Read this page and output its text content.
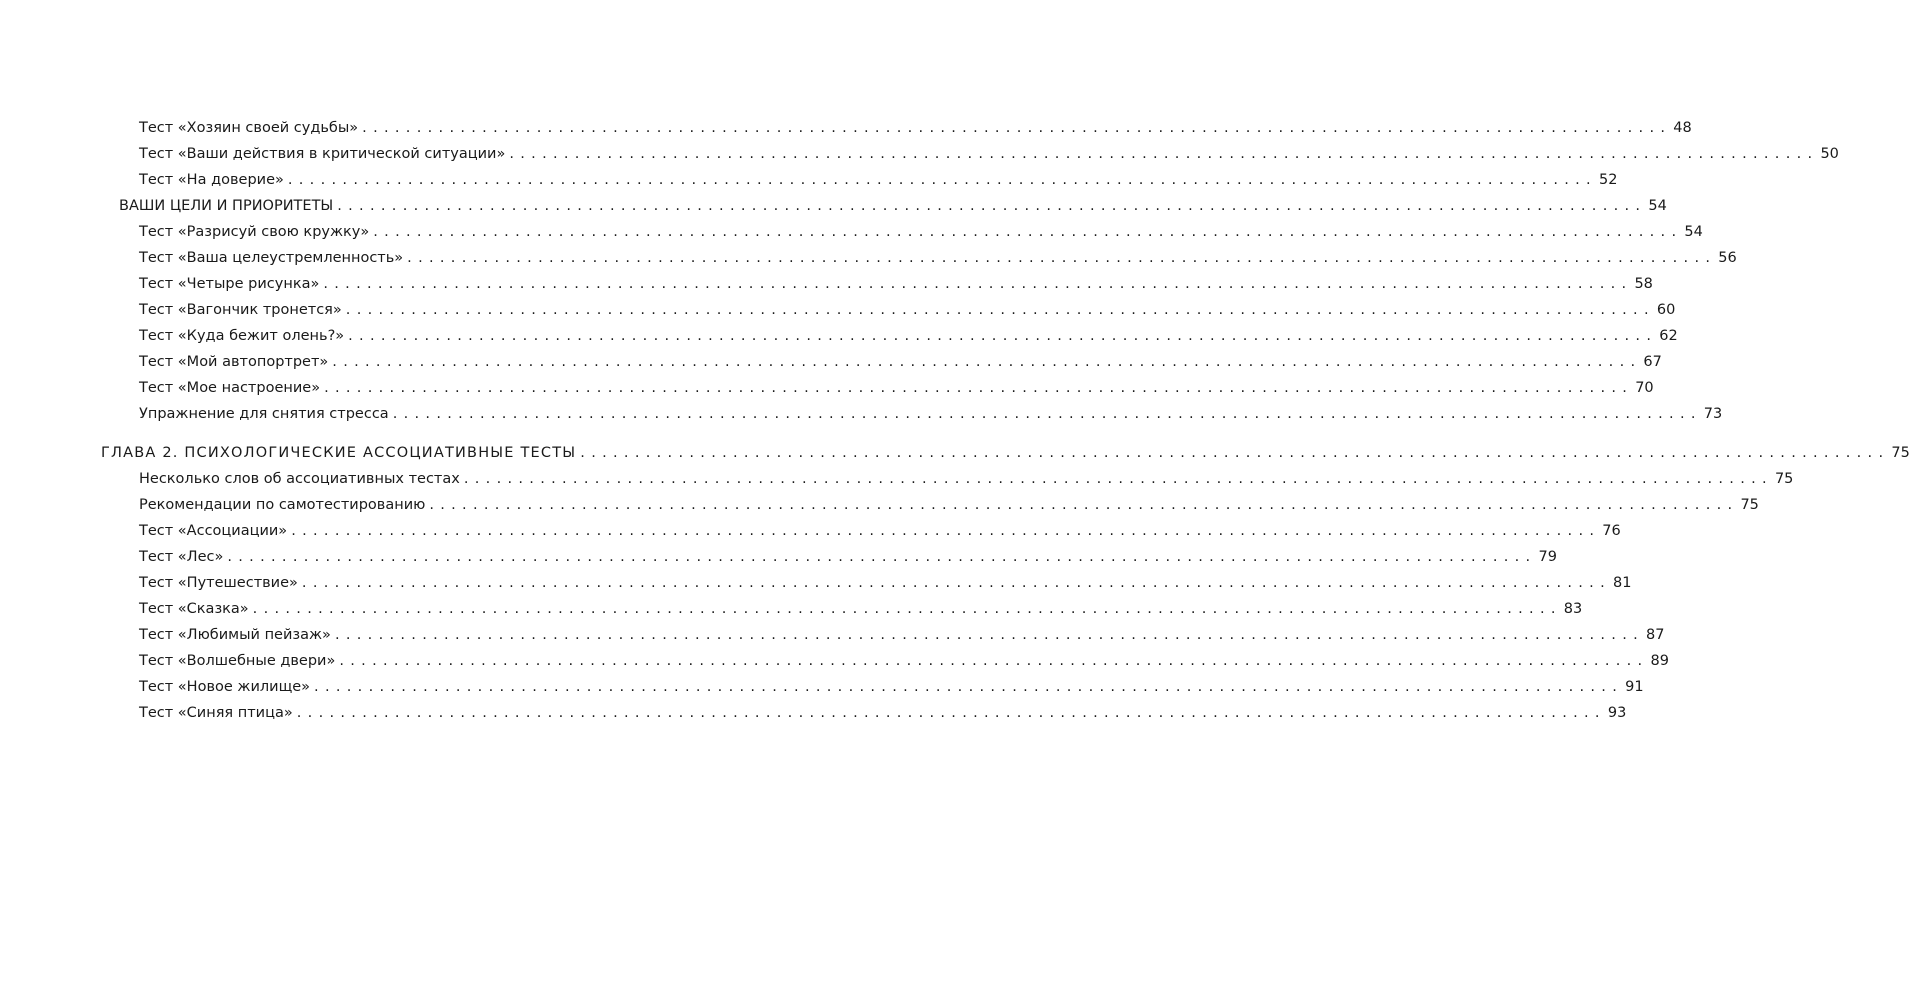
Тест «Хозяин своей судьбы» ........................................................................................................................ 48
Тест «Ваши действия в критической ситуации» ........................................................................................................................ 50
Тест «На доверие» ........................................................................................................................ 52
ВАШИ ЦЕЛИ И ПРИОРИТЕТЫ ........................................................................................................................ 54
Тест «Разрисуй свою кружку» ........................................................................................................................ 54
Тест «Ваша целеустремленность» ........................................................................................................................ 56
Тест «Четыре рисунка» ........................................................................................................................ 58
Тест «Вагончик тронется» ........................................................................................................................ 60
Тест «Куда бежит олень?» ........................................................................................................................ 62
Тест «Мой автопортрет» ........................................................................................................................ 67
Тест «Мое настроение» ........................................................................................................................ 70
Упражнение для снятия стресса ........................................................................................................................ 73
ГЛАВА 2. ПСИХОЛОГИЧЕСКИЕ АССОЦИАТИВНЫЕ ТЕСТЫ ........................................................................................................................ 75
Несколько слов об ассоциативных тестах ........................................................................................................................ 75
Рекомендации по самотестированию ........................................................................................................................ 75
Тест «Ассоциации» ........................................................................................................................ 76
Тест «Лес» ........................................................................................................................ 79
Тест «Путешествие» ........................................................................................................................ 81
Тест «Сказка» ........................................................................................................................ 83
Тест «Любимый пейзаж» ........................................................................................................................ 87
Тест «Волшебные двери» ........................................................................................................................ 89
Тест «Новое жилище» ........................................................................................................................ 91
Тест «Синяя птица» ........................................................................................................................ 93
